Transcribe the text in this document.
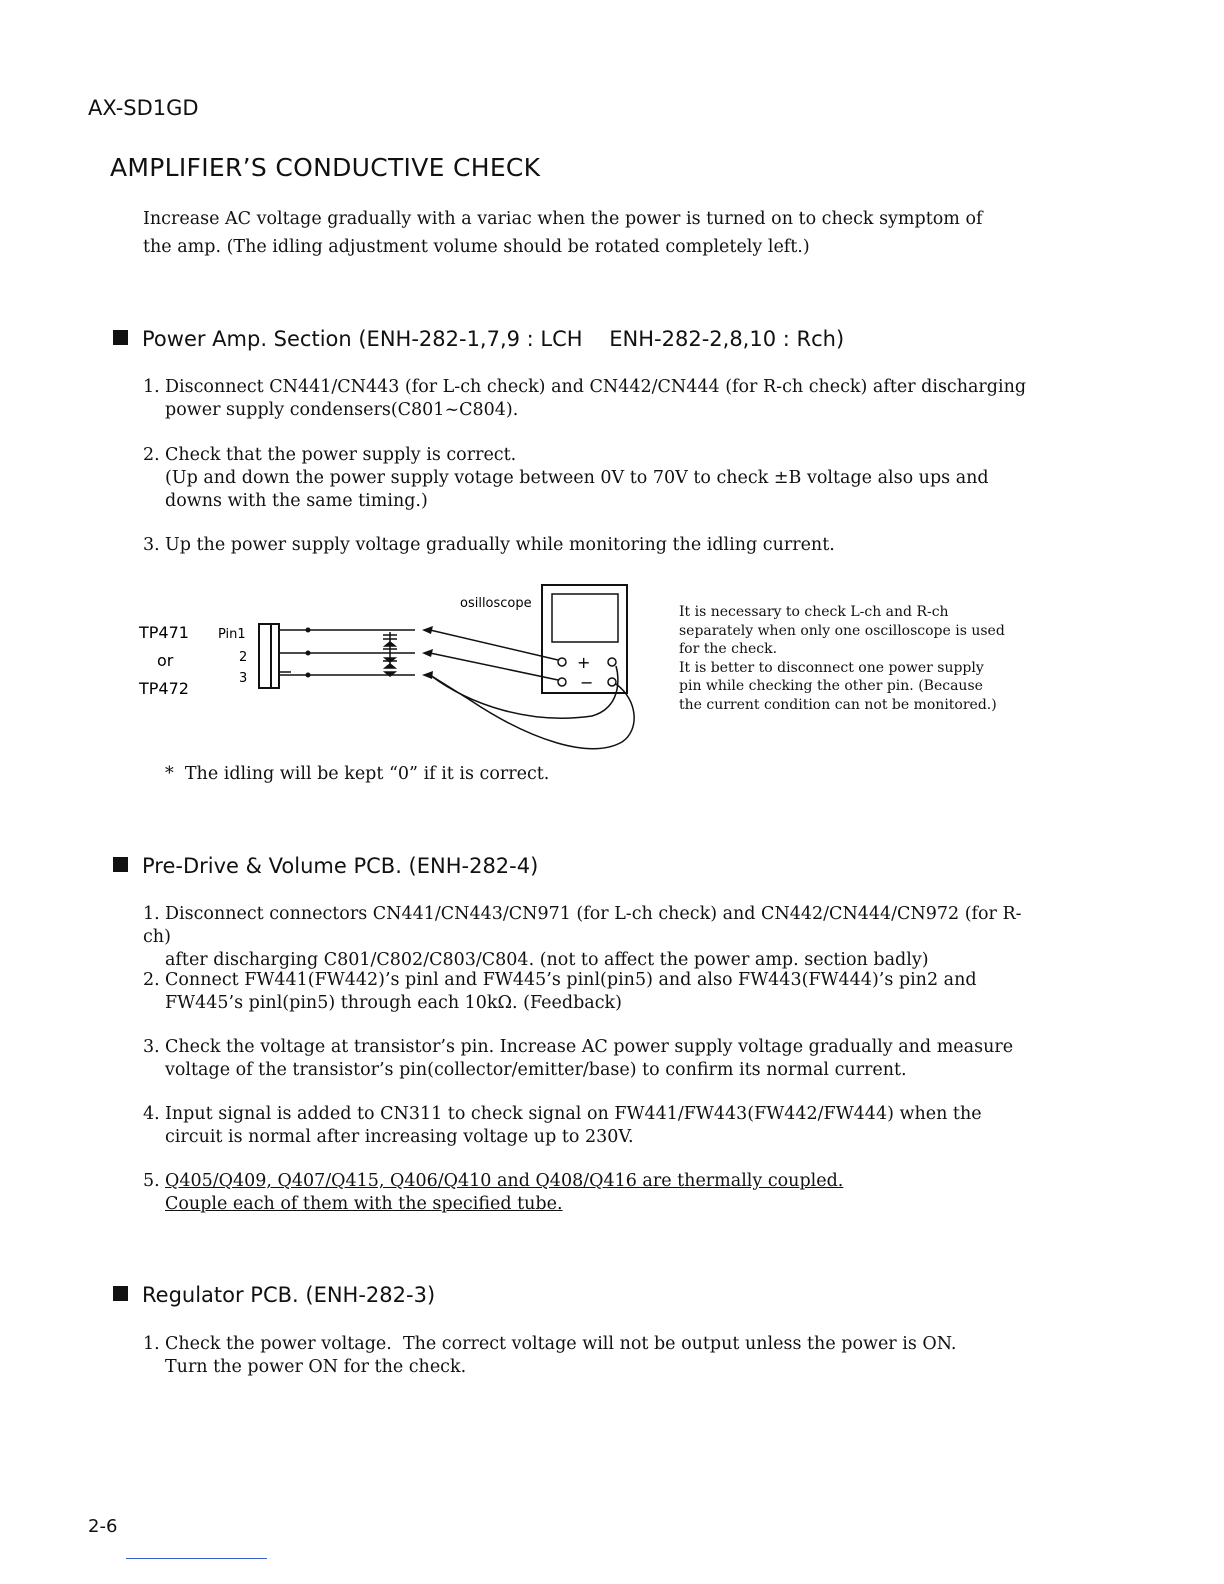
AX-SD1GD
AMPLIFIER’S CONDUCTIVE CHECK
Increase AC voltage gradually with a variac when the power is turned on to check symptom of
the amp. (The idling adjustment volume should be rotated completely left.)
Power Amp. Section (ENH-282-1,7,9 : LCH    ENH-282-2,8,10 : Rch)
1. Disconnect CN441/CN443 (for L-ch check) and CN442/CN444 (for R-ch check) after discharging
power supply condensers(C801~C804).
2. Check that the power supply is correct.
(Up and down the power supply votage between 0V to 70V to check ±B voltage also ups and
downs with the same timing.)
3. Up the power supply voltage gradually while monitoring the idling current.
osilloscope
+
−
TP471
or
TP472
Pin1
2
3
It is necessary to check L-ch and R-ch
separately when only one oscilloscope is used
for the check.
It is better to disconnect one power supply
pin while checking the other pin. (Because
the current condition can not be monitored.)
*  The idling will be kept “0” if it is correct.
Pre-Drive & Volume PCB. (ENH-282-4)
1. Disconnect connectors CN441/CN443/CN971 (for L-ch check) and CN442/CN444/CN972 (for R-ch)
after discharging C801/C802/C803/C804. (not to affect the power amp. section badly)
2. Connect FW441(FW442)’s pinl and FW445’s pinl(pin5) and also FW443(FW444)’s pin2 and
FW445’s pinl(pin5) through each 10kΩ. (Feedback)
3. Check the voltage at transistor’s pin. Increase AC power supply voltage gradually and measure
voltage of the transistor’s pin(collector/emitter/base) to confirm its normal current.
4. Input signal is added to CN311 to check signal on FW441/FW443(FW442/FW444) when the
circuit is normal after increasing voltage up to 230V.
5. Q405/Q409, Q407/Q415, Q406/Q410 and Q408/Q416 are thermally coupled.
Couple each of them with the specified tube.
Regulator PCB. (ENH-282-3)
1. Check the power voltage.  The correct voltage will not be output unless the power is ON.
Turn the power ON for the check.
2-6
